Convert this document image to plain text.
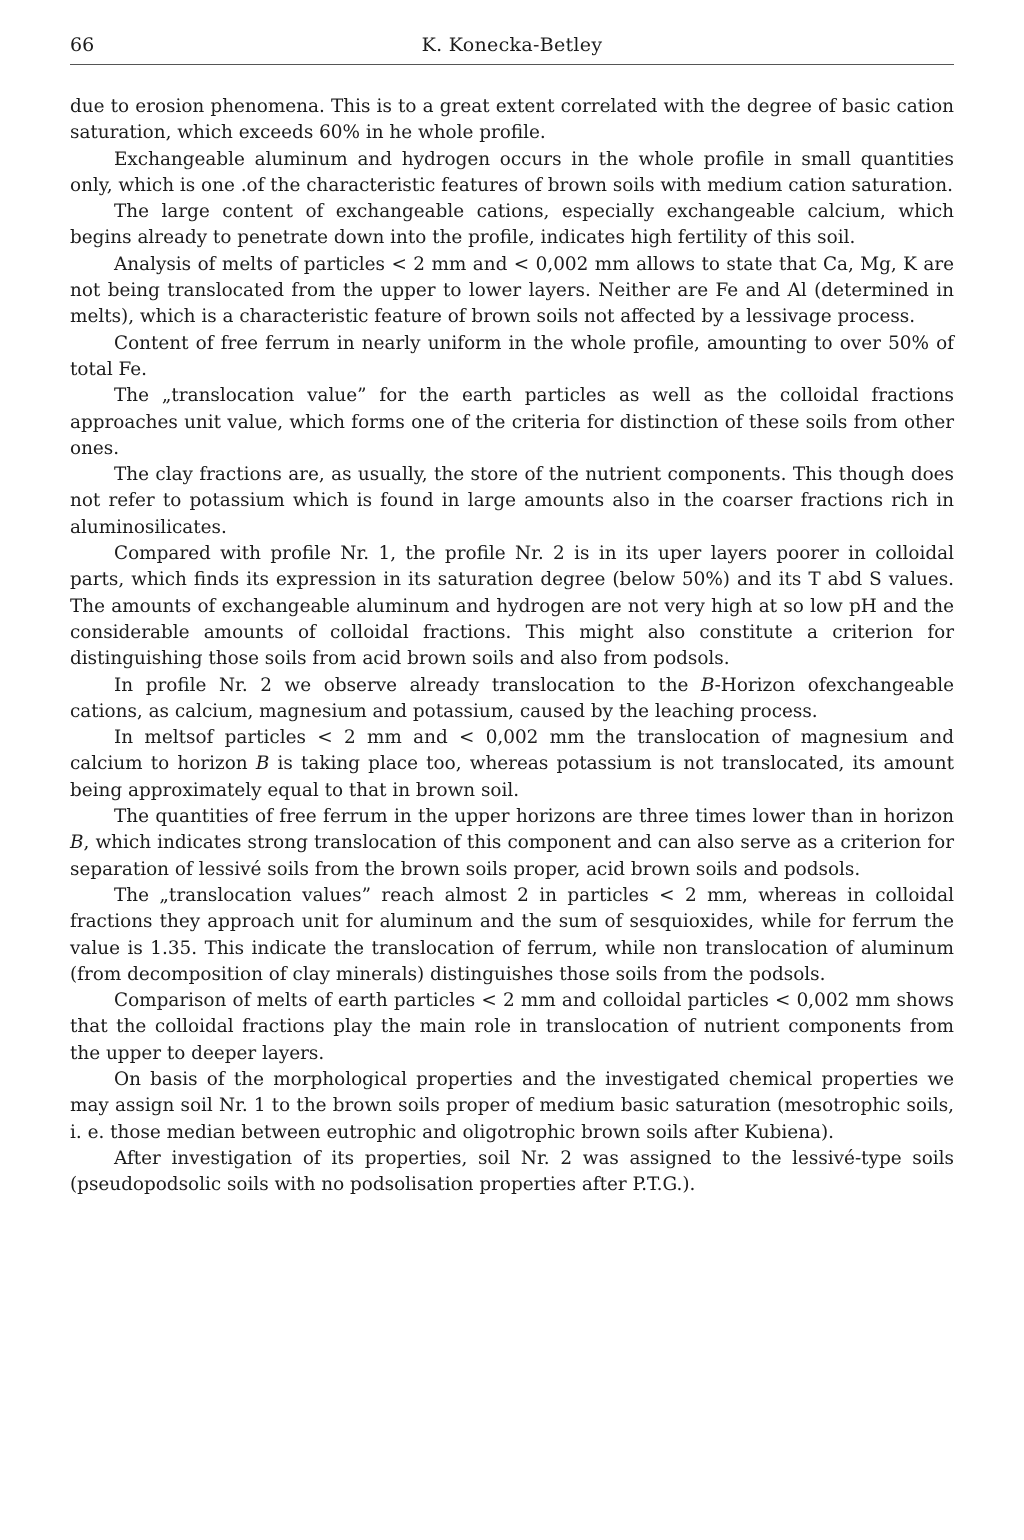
66	K. Konecka-Betley

due to erosion phenomena. This is to a great extent correlated with the degree of basic cation saturation, which exceeds 60% in he whole profile.

Exchangeable aluminum and hydrogen occurs in the whole profile in small quantities only, which is one .of the characteristic features of brown soils with medium cation saturation.

The large content of exchangeable cations, especially exchangeable calcium, which begins already to penetrate down into the profile, indicates high fertility of this soil.

Analysis of melts of particles < 2 mm and < 0,002 mm allows to state that Ca, Mg, K are not being translocated from the upper to lower layers. Neither are Fe and Al (determined in melts), which is a characteristic feature of brown soils not affected by a lessivage process.

Content of free ferrum in nearly uniform in the whole profile, amounting to over 50% of total Fe.

The „translocation value” for the earth particles as well as the colloidal fractions approaches unit value, which forms one of the criteria for distinction of these soils from other ones.

The clay fractions are, as usually, the store of the nutrient components. This though does not refer to potassium which is found in large amounts also in the coarser fractions rich in aluminosilicates.

Compared with profile Nr. 1, the profile Nr. 2 is in its uper layers poorer in colloidal parts, which finds its expression in its saturation degree (below 50%) and its T abd S values. The amounts of exchangeable aluminum and hydrogen are not very high at so low pH and the considerable amounts of colloidal fractions. This might also constitute a criterion for distinguishing those soils from acid brown soils and also from podsols.

In profile Nr. 2 we observe already translocation to the B-Horizon ofexchangeable cations, as calcium, magnesium and potassium, caused by the leaching process.

In meltsof particles < 2 mm and < 0,002 mm the translocation of magnesium and calcium to horizon B is taking place too, whereas potassium is not translocated, its amount being approximately equal to that in brown soil.

The quantities of free ferrum in the upper horizons are three times lower than in horizon B, which indicates strong translocation of this component and can also serve as a criterion for separation of lessivé soils from the brown soils proper, acid brown soils and podsols.

The „translocation values” reach almost 2 in particles < 2 mm, whereas in colloidal fractions they approach unit for aluminum and the sum of sesquioxides, while for ferrum the value is 1.35. This indicate the translocation of ferrum, while non translocation of aluminum (from decomposition of clay minerals) distinguishes those soils from the podsols.

Comparison of melts of earth particles < 2 mm and colloidal particles < 0,002 mm shows that the colloidal fractions play the main role in translocation of nutrient components from the upper to deeper layers.

On basis of the morphological properties and the investigated chemical properties we may assign soil Nr. 1 to the brown soils proper of medium basic saturation (mesotrophic soils, i. e. those median between eutrophic and oligotrophic brown soils after Kubiena).

After investigation of its properties, soil Nr. 2 was assigned to the lessivé-type soils (pseudopodsolic soils with no podsolisation properties after P.T.G.).
